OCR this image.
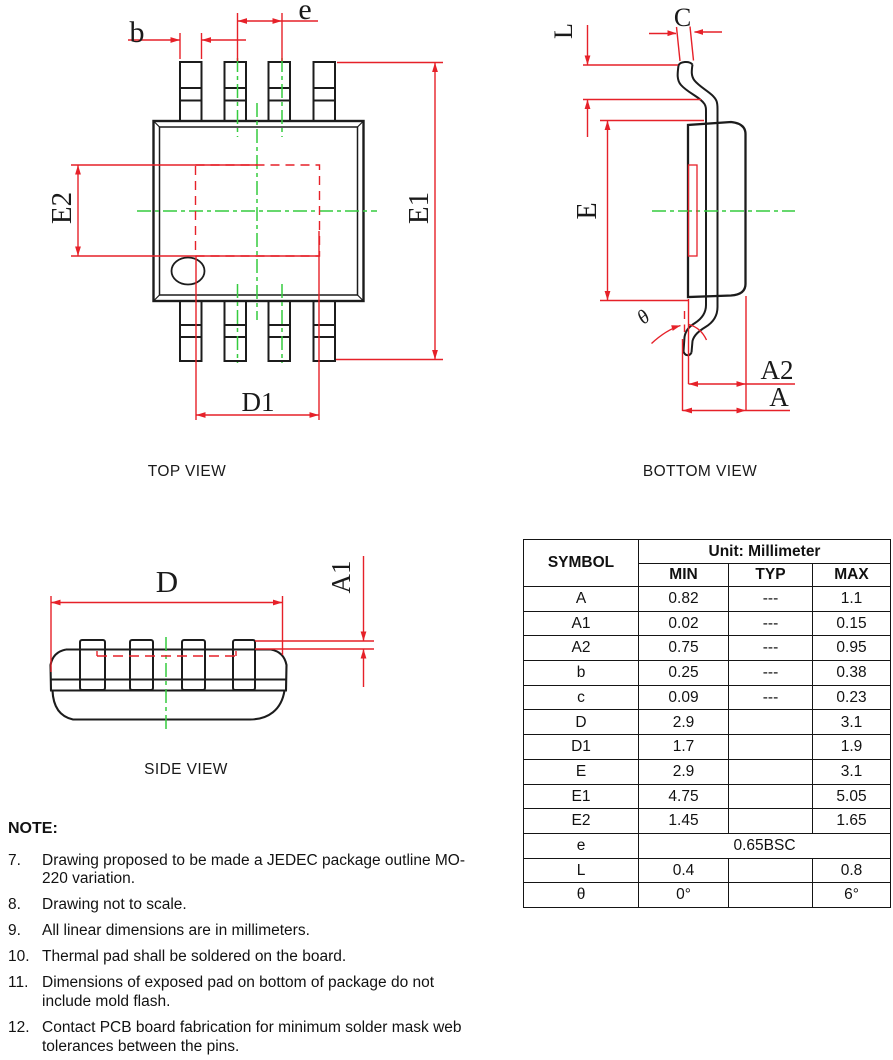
b
e
E1
E2
D1
TOP VIEW
L	C
E
θ
A2
A
BOTTOM VIEW
D	A1
SIDE VIEW
SYMBOL	Unit: Millimeter		
	MIN	TYP	MAX
A	0.82	---	1.1
A1	0.02	---	0.15
A2	0.75	---	0.95
b	0.25	---	0.38
c	0.09	---	0.23
D	2.9		3.1
D1	1.7		1.9
E	2.9		3.1
E1	4.75		5.05
E2	1.45		1.65
e	0.65BSC		
L	0.4		0.8
θ	0°		6°
NOTE:
7.	Drawing proposed to be made a JEDEC package outline MO-220 variation.
8.	Drawing not to scale.
9.	All linear dimensions are in millimeters.
10. Thermal pad shall be soldered on the board.
11. Dimensions of exposed pad on bottom of package do not include mold flash.
12. Contact PCB board fabrication for minimum solder mask web tolerances between the pins.
